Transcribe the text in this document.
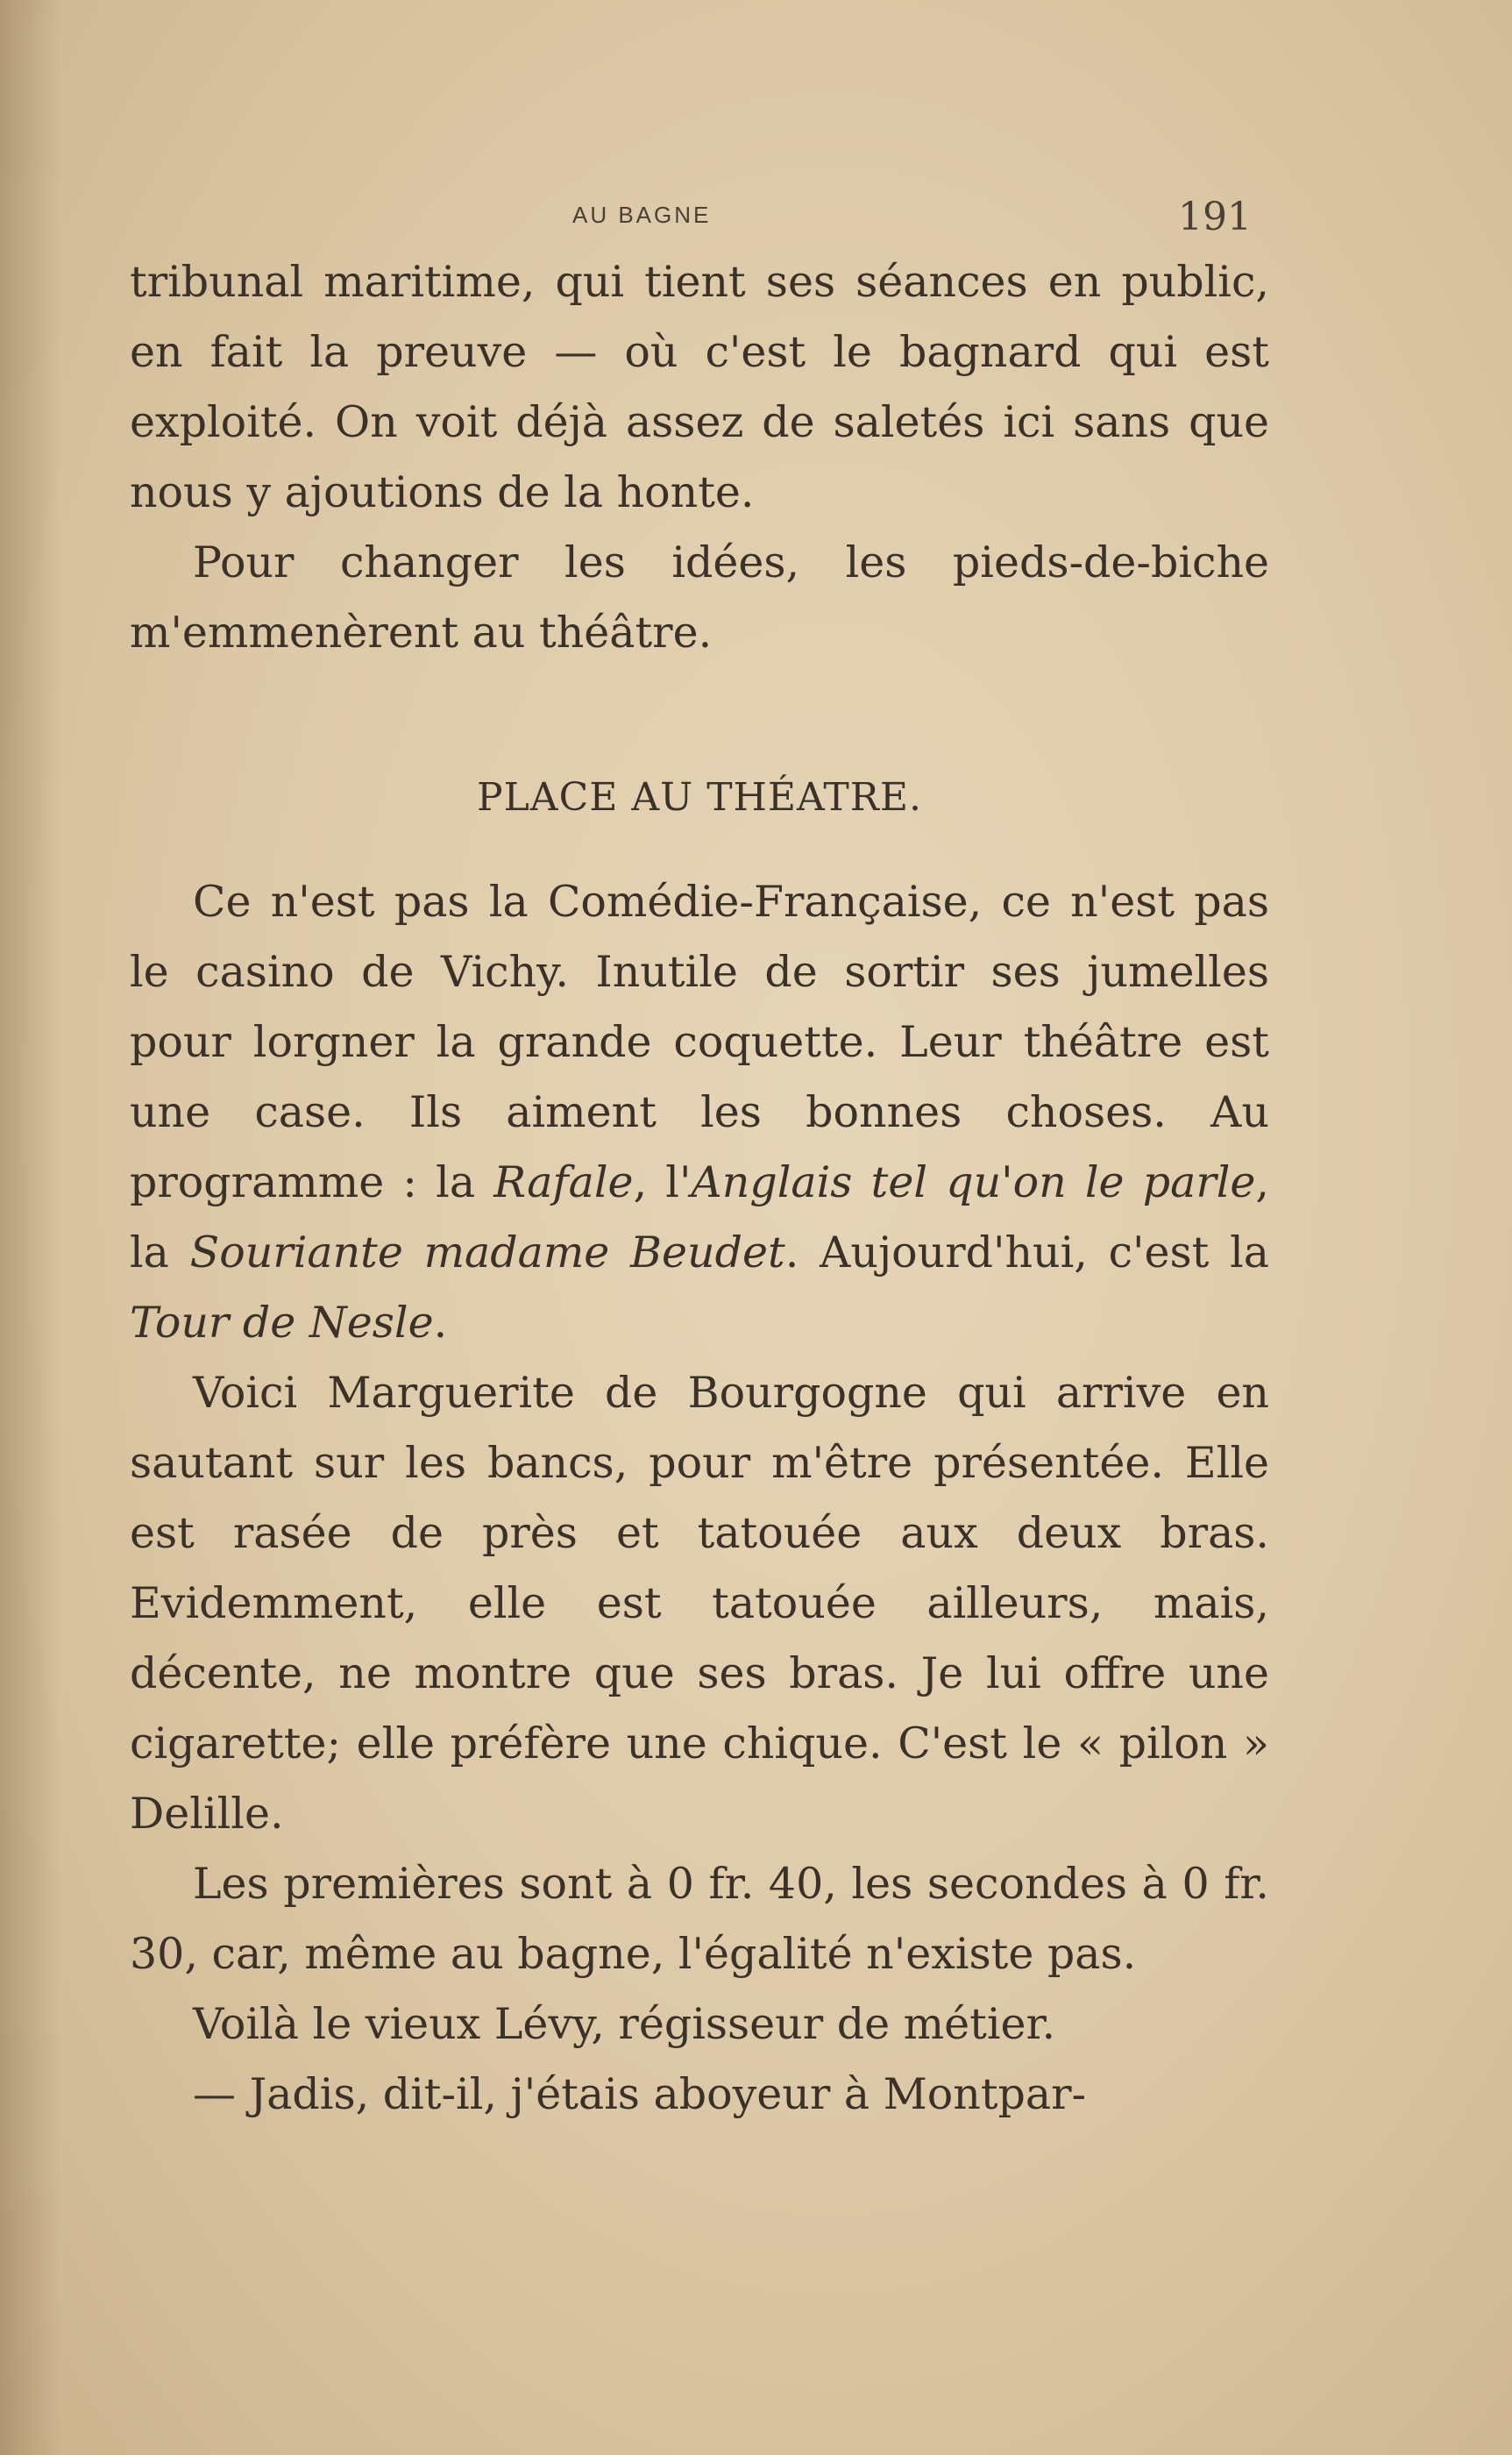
AU BAGNE	191

tribunal maritime, qui tient ses séances en public, en fait la preuve — où c'est le bagnard qui est exploité. On voit déjà assez de saletés ici sans que nous y ajoutions de la honte.

Pour changer les idées, les pieds-de-biche m'emmenèrent au théâtre.

PLACE AU THÉATRE.

Ce n'est pas la Comédie-Française, ce n'est pas le casino de Vichy. Inutile de sortir ses jumelles pour lorgner la grande coquette. Leur théâtre est une case. Ils aiment les bonnes choses. Au programme : la Rafale, l'Anglais tel qu'on le parle, la Souriante madame Beudet. Aujourd'hui, c'est la Tour de Nesle.

Voici Marguerite de Bourgogne qui arrive en sautant sur les bancs, pour m'être présentée. Elle est rasée de près et tatouée aux deux bras. Evidemment, elle est tatouée ailleurs, mais, décente, ne montre que ses bras. Je lui offre une cigarette; elle préfère une chique. C'est le « pilon » Delille.

Les premières sont à 0 fr. 40, les secondes à 0 fr. 30, car, même au bagne, l'égalité n'existe pas.

Voilà le vieux Lévy, régisseur de métier.

— Jadis, dit-il, j'étais aboyeur à Montpar-
